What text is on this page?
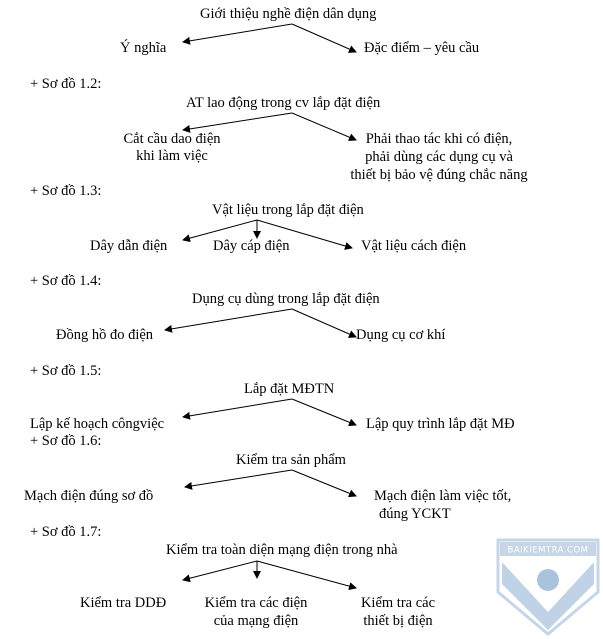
Giới thiệu nghề điện dân dụng
Ý nghĩa	Đặc điểm – yêu cầu
+ Sơ đồ 1.2:
AT lao động trong cv lắp đặt điện
Cắt cầu dao điện
khi làm việc
Phải thao tác khi có điện,
phải dùng các dụng cụ và
thiết bị bảo vệ đúng chắc năng
+ Sơ đồ 1.3:
Vật liệu trong lắp đặt điện
Dây dẫn điện	Dây cáp điện	Vật liệu cách điện
+ Sơ đồ 1.4:
Dụng cụ dùng trong lắp đặt điện
Đồng hồ đo điện	Dụng cụ cơ khí
+ Sơ đồ 1.5:
Lắp đặt MĐTN
Lập kế hoạch côngviệc	Lập quy trình lắp đặt MĐ
+ Sơ đồ 1.6:
Kiểm tra sản phẩm
Mạch điện đúng sơ đồ	Mạch điện làm việc tốt,
đúng YCKT
+ Sơ đồ 1.7:
Kiểm tra toàn diện mạng điện trong nhà
Kiểm tra DDĐ	Kiểm tra các điện
của mạng điện
Kiểm tra các
thiết bị điện
BAIKIEMTRA.COM
